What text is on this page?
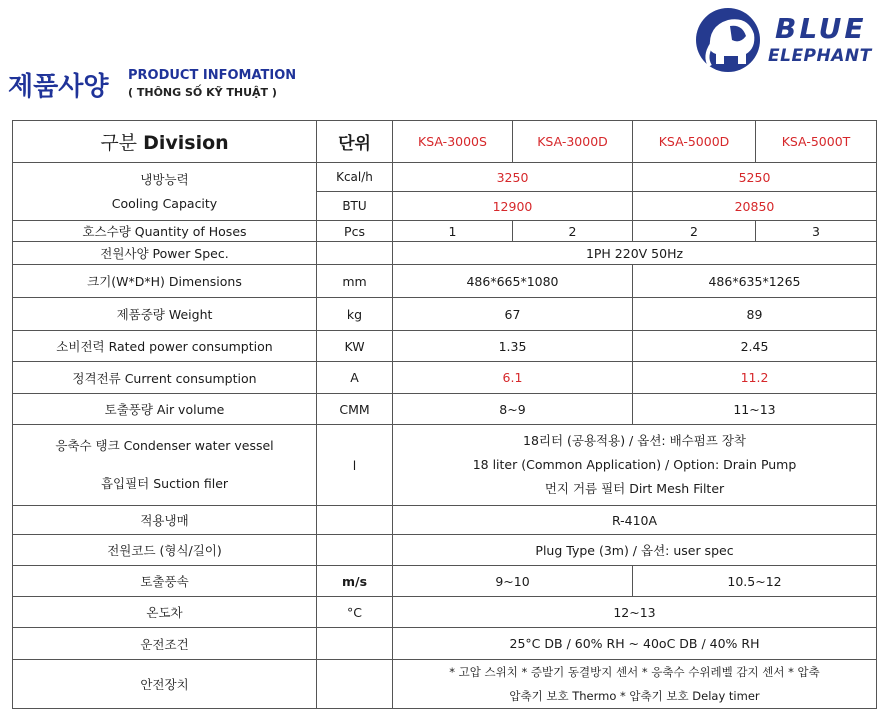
BLUE
ELEPHANT
제품사양 PRODUCT INFOMATION
( THÔNG SỐ KỸ THUẬT )
구분 Division	단위	KSA-3000S	KSA-3000D	KSA-5000D	KSA-5000T

냉방능력
Cooling Capacity	Kcal/h	3250		5250	
	BTU	12900		20850	
호스수량 Quantity of Hoses	Pcs	1	2	2	3
전원사양 Power Spec.		1PH 220V 50Hz			
크기(W*D*H) Dimensions	mm	486*665*1080		486*635*1265	
제품중량 Weight	kg	67		89	
소비전력 Rated power consumption	KW	1.35		2.45	
정격전류 Current consumption	A	6.1		11.2	
토출풍량 Air volume	CMM	8~9		11~13	

응축수 탱크 Condenser water vessel
흡입필터 Suction filer	l	18리터 (공용적용) / 옵션: 배수펌프 장착
18 liter (Common Application) / Option: Drain Pump
먼지 거름 필터 Dirt Mesh Filter			

적용냉매		R-410A			
전원코드 (형식/길이)		Plug Type (3m) / 옵션: user spec			
토출풍속	m/s	9~10		10.5~12	
온도차	°C	12~13			
운전조건		25°C DB / 60% RH ~ 40oC DB / 40% RH			
안전장치		* 고압 스위치 * 증발기 동결방지 센서 * 응축수 수위레벨 감지 센서 * 압축
압축기 보호 Thermo * 압축기 보호 Delay timer			
